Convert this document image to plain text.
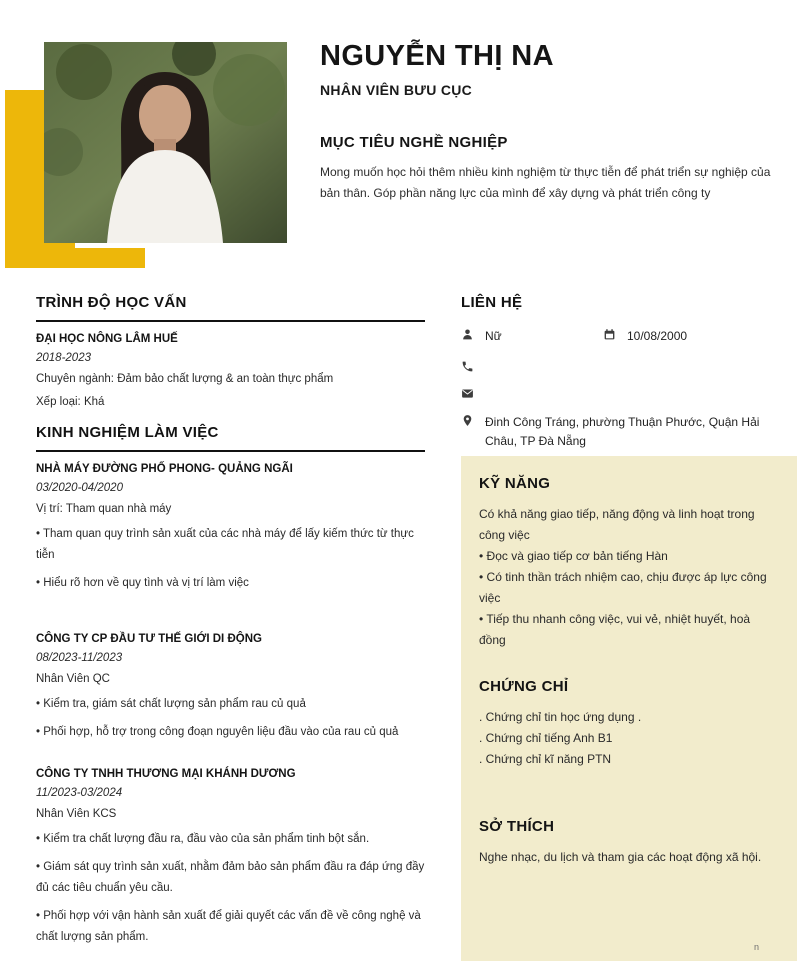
NGUYỄN THỊ NA
NHÂN VIÊN BƯU CỤC
MỤC TIÊU NGHỀ NGHIỆP
Mong muốn học hỏi thêm nhiều kinh nghiệm từ thực tiễn để phát triển sự nghiệp của bản thân. Góp phần năng lực của mình để xây dựng và phát triển công ty
TRÌNH ĐỘ HỌC VẤN
ĐẠI HỌC NÔNG LÂM HUẾ
2018-2023
Chuyên ngành: Đảm bảo chất lượng & an toàn thực phẩm
Xếp loại: Khá
KINH NGHIỆM LÀM VIỆC
NHÀ MÁY ĐƯỜNG PHỐ PHONG- QUẢNG NGÃI
03/2020-04/2020
Vị trí: Tham quan nhà máy
• Tham quan quy trình sản xuất của các nhà máy để lấy kiếm thức từ thực tiễn
• Hiểu rõ hơn về quy tình và vị trí làm việc
CÔNG TY CP ĐẦU TƯ THẾ GIỚI DI ĐỘNG
08/2023-11/2023
Nhân Viên QC
• Kiểm tra, giám sát chất lượng sản phẩm rau củ quả
• Phối hợp, hỗ trợ trong công đoạn nguyên liệu đầu vào của rau củ quả
CÔNG TY TNHH THƯƠNG MẠI KHÁNH DƯƠNG
11/2023-03/2024
Nhân Viên KCS
• Kiểm tra chất lượng đầu ra, đầu vào của sản phẩm tinh bột sắn.
• Giám sát quy trình sản xuất, nhằm đảm bảo sản phẩm đầu ra đáp ứng đầy đủ các tiêu chuẩn yêu cầu.
• Phối hợp với vận hành sản xuất để giải quyết các vấn đề về công nghệ và chất lượng sản phẩm.
LIÊN HỆ
Nữ	10/08/2000
Đinh Công Tráng, phường Thuận Phước, Quận Hải Châu, TP Đà Nẵng
KỸ NĂNG
Có khả năng giao tiếp, năng động và linh hoạt trong công việc
• Đọc và giao tiếp cơ bản tiếng Hàn
• Có tinh thần trách nhiệm cao, chịu được áp lực công việc
• Tiếp thu nhanh công việc, vui vẻ, nhiệt huyết, hoà đồng
CHỨNG CHỈ
. Chứng chỉ tin học ứng dụng .
. Chứng chỉ tiếng Anh B1
. Chứng chỉ kĩ năng PTN
SỞ THÍCH
Nghe nhạc, du lịch và tham gia các hoạt động xã hội.
n
